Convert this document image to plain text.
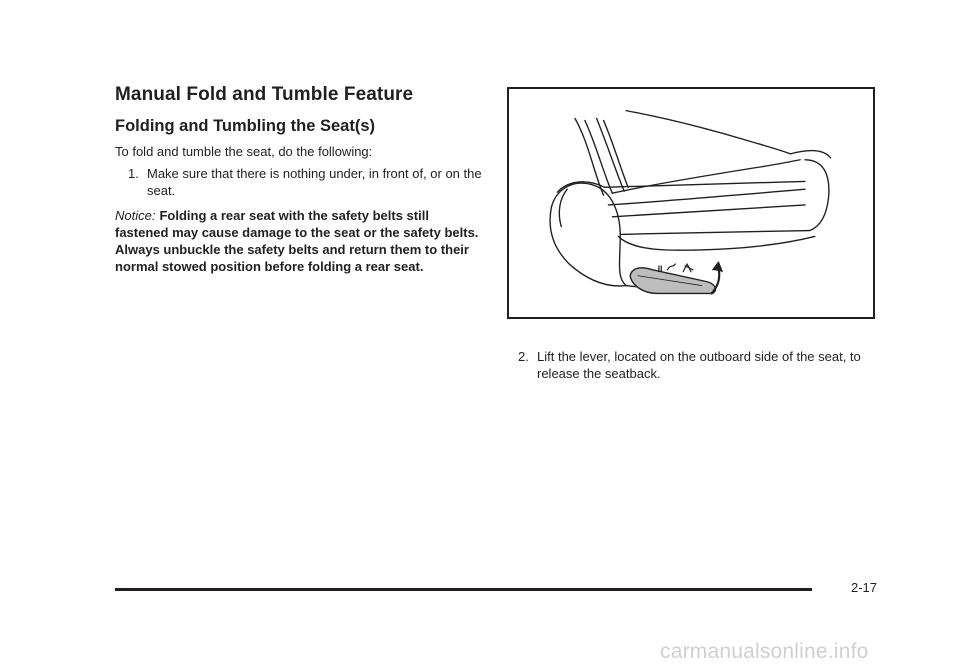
Manual Fold and Tumble Feature
Folding and Tumbling the Seat(s)

To fold and tumble the seat, do the following:

1. Make sure that there is nothing under, in front of, or on the seat.

Notice: Folding a rear seat with the safety belts still fastened may cause damage to the seat or the safety belts. Always unbuckle the safety belts and return them to their normal stowed position before folding a rear seat.	II
2. Lift the lever, located on the outboard side of the seat, to release the seatback.
2-17
carmanualsonline.info
